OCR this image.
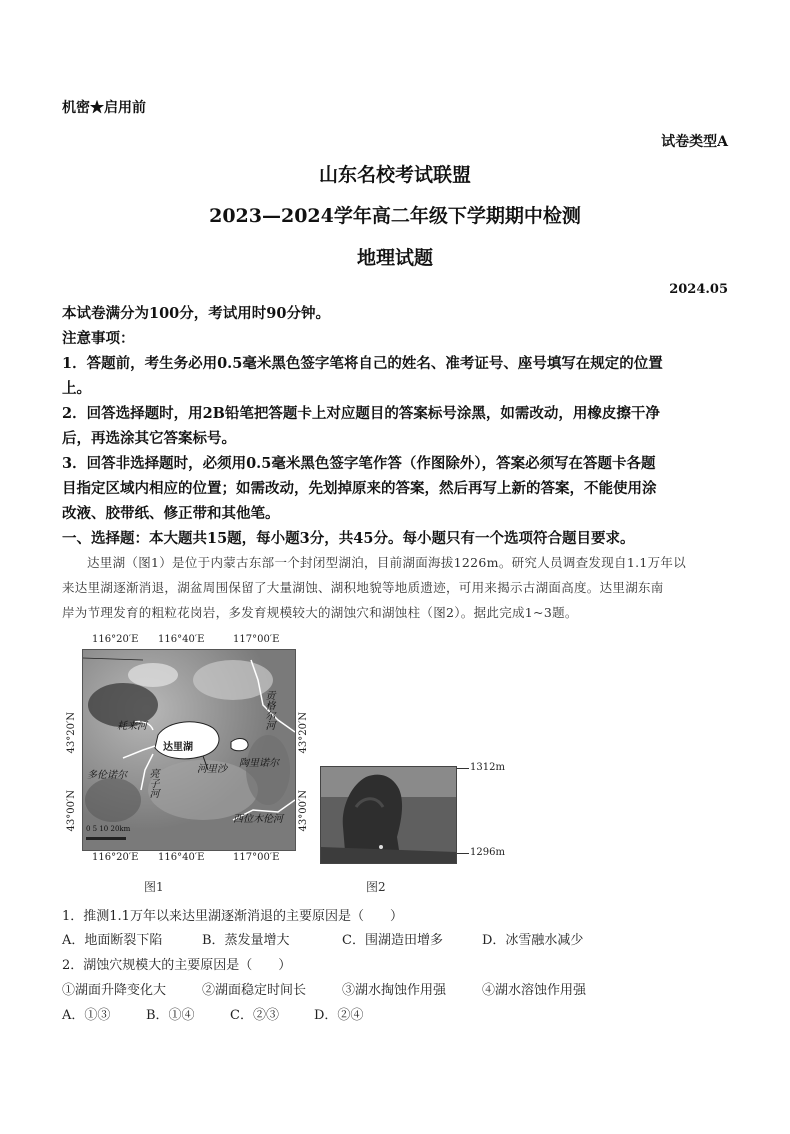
机密★启用前
试卷类型A
山东名校考试联盟
2023—2024学年高二年级下学期期中检测
地理试题
2024.05
本试卷满分为100分，考试用时90分钟。
注意事项：
1．答题前，考生务必用0.5毫米黑色签字笔将自己的姓名、准考证号、座号填写在规定的位置
上。
2．回答选择题时，用2B铅笔把答题卡上对应题目的答案标号涂黑，如需改动，用橡皮擦干净
后，再选涂其它答案标号。
3．回答非选择题时，必须用0.5毫米黑色签字笔作答（作图除外），答案必须写在答题卡各题
目指定区域内相应的位置；如需改动，先划掉原来的答案，然后再写上新的答案，不能使用涂
改液、胶带纸、修正带和其他笔。
一、选择题：本大题共15题，每小题3分，共45分。每小题只有一个选项符合题目要求。
达里湖（图1）是位于内蒙古东部一个封闭型湖泊，目前湖面海拔1226m。研究人员调查发现自1.1万年以
来达里湖逐渐消退，湖盆周围保留了大量湖蚀、湖积地貌等地质遗迹，可用来揭示古湖面高度。达里湖东南
岸为节理发育的粗粒花岗岩，多发育规模较大的湖蚀穴和湖蚀柱（图2）。据此完成1~3题。
116°20′E 116°40′E	117°00′E
43°20′N
43°00′N
43°20′N
43°00′N
耗来河
达里湖
多伦诺尔
河里沙
陶里诺尔
西位木伦河
贡格尔河
亮子河
0 5 10 20km
116°20′E 116°40′E	117°00′E
图1
1312m
1296m
图2
1．推测1.1万年以来达里湖逐渐消退的主要原因是（　　）
A．地面断裂下陷	B．蒸发量增大	C．围湖造田增多	D．冰雪融水减少
2．湖蚀穴规模大的主要原因是（　　）
①湖面升降变化大	②湖面稳定时间长	③湖水掏蚀作用强	④湖水溶蚀作用强
A．①③	B．①④	C．②③	D．②④
